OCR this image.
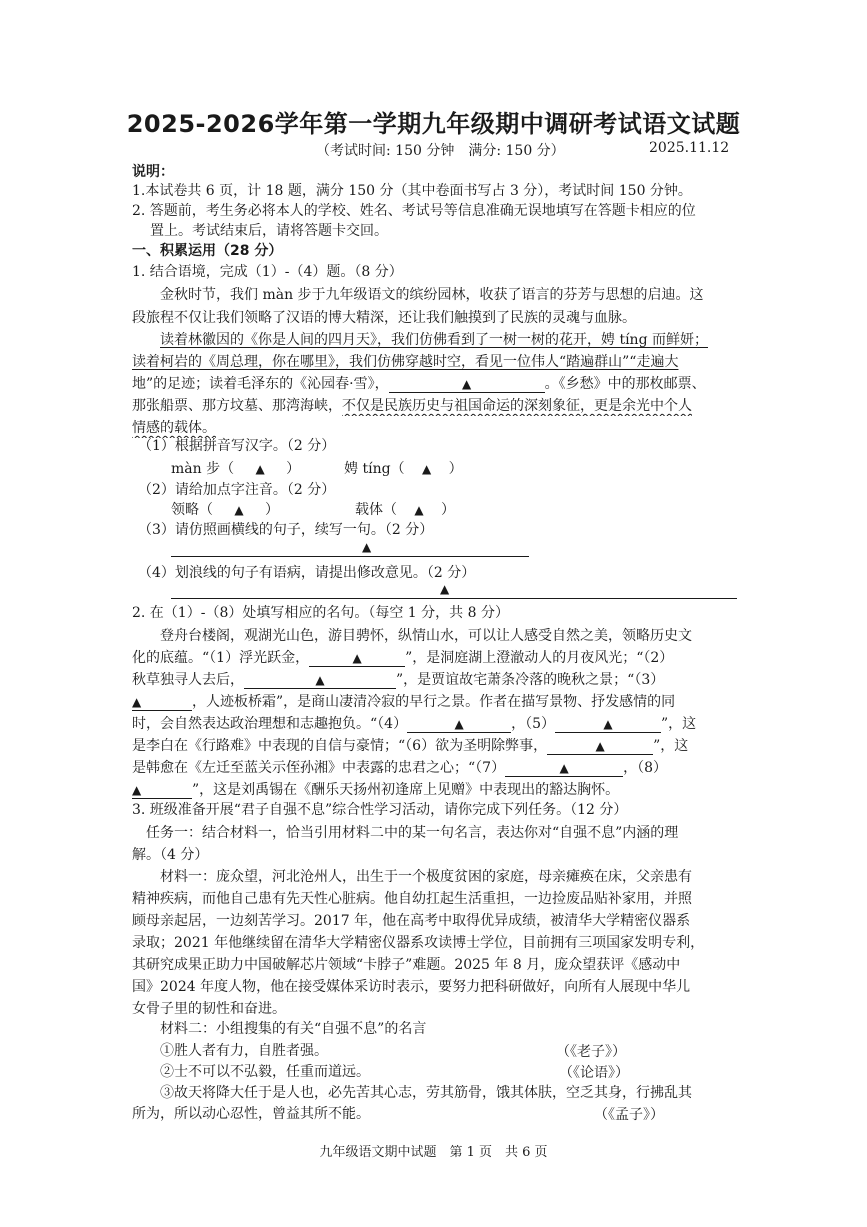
2025-2026学年第一学期九年级期中调研考试语文试题
（考试时间: 150 分钟　满分: 150 分）	2025.11.12
说明：
1.本试卷共 6 页，计 18 题，满分 150 分（其中卷面书写占 3 分），考试时间 150 分钟。
2. 答题前，考生务必将本人的学校、姓名、考试号等信息准确无误地填写在答题卡相应的位
置上。考试结束后，请将答题卡交回。
一、积累运用（28 分）
1. 结合语境，完成（1）-（4）题。（8 分）
金秋时节，我们 màn 步于九年级语文的缤纷园林，收获了语言的芬芳与思想的启迪。这
段旅程不仅让我们领略了汉语的博大精深，还让我们触摸到了民族的灵魂与血脉。
读着林徽因的《你是人间的四月天》，我们仿佛看到了一树一树的花开，娉 tíng 而鲜妍；
读着柯岩的《周总理，你在哪里》，我们仿佛穿越时空，看见一位伟人“踏遍群山”“走遍大
地”的足迹；读着毛泽东的《沁园春·雪》，	▲	。《乡愁》中的那枚邮票、
那张船票、那方坟墓、那湾海峡，不仅是民族历史与祖国命运的深刻象征，更是余光中个人
情感的载体。
（1）根据拼音写汉字。（2 分）
màn 步（ ▲ ）	娉 tíng（ ▲ ）
（2）请给加点字注音。（2 分）
领略（ ▲ ）	载体（ ▲ ）
（3）请仿照画横线的句子，续写一句。（2 分）
▲
（4）划浪线的句子有语病，请提出修改意见。（2 分）
▲
2. 在（1）-（8）处填写相应的名句。（每空 1 分，共 8 分）
登舟台楼阁，观湖光山色，游目骋怀，纵情山水，可以让人感受自然之美，领略历史文
化的底蕴。“（1）浮光跃金，	▲	”，是洞庭湖上澄澈动人的月夜风光；“（2）
秋草独寻人去后，	▲	”，是贾谊故宅萧条冷落的晚秋之景；“（3）
▲	，人迹板桥霜”，是商山凄清冷寂的早行之景。作者在描写景物、抒发感情的同
时，会自然表达政治理想和志趣抱负。“（4）	▲	，（5）	▲	”，这
是李白在《行路难》中表现的自信与豪情；“（6）欲为圣明除弊事，	▲	”，这
是韩愈在《左迁至蓝关示侄孙湘》中表露的忠君之心；“（7）	▲	，（8）
▲	”，这是刘禹锡在《酬乐天扬州初逢席上见赠》中表现出的豁达胸怀。
3. 班级准备开展“君子自强不息”综合性学习活动，请你完成下列任务。（12 分）
任务一：结合材料一，恰当引用材料二中的某一句名言，表达你对“自强不息”内涵的理
解。（4 分）
材料一：庞众望，河北沧州人，出生于一个极度贫困的家庭，母亲瘫痪在床，父亲患有
精神疾病，而他自己患有先天性心脏病。他自幼扛起生活重担，一边捡废品贴补家用，并照
顾母亲起居，一边刻苦学习。2017 年，他在高考中取得优异成绩，被清华大学精密仪器系
录取；2021 年他继续留在清华大学精密仪器系攻读博士学位，目前拥有三项国家发明专利，
其研究成果正助力中国破解芯片领域“卡脖子”难题。2025 年 8 月，庞众望获评《感动中
国》2024 年度人物，他在接受媒体采访时表示，要努力把科研做好，向所有人展现中华儿
女骨子里的韧性和奋进。
材料二：小组搜集的有关“自强不息”的名言
①胜人者有力，自胜者强。	（《老子》）
②士不可以不弘毅，任重而道远。	（《论语》）
③故天将降大任于是人也，必先苦其心志，劳其筋骨，饿其体肤，空乏其身，行拂乱其
所为，所以动心忍性，曾益其所不能。	（《孟子》）
九年级语文期中试题　第 1 页　共 6 页
